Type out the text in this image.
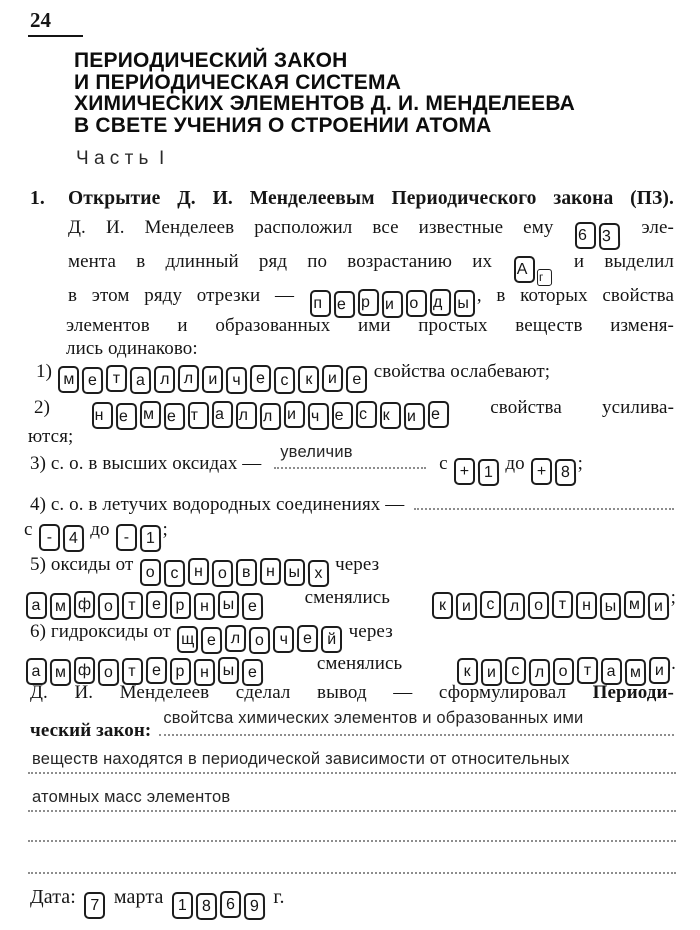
24
ПЕРИОДИЧЕСКИЙ ЗАКОН
И ПЕРИОДИЧЕСКАЯ СИСТЕМА
ХИМИЧЕСКИХ ЭЛЕМЕНТОВ Д. И. МЕНДЕЛЕЕВА
В СВЕТЕ УЧЕНИЯ О СТРОЕНИИ АТОМА
Ч а с т ь  I
1. Открытие Д. И. Менделеевым Периодического закона (ПЗ).
Д. И. Менделеев расположил все известные ему 6 3 эле-
мента в длинный ряд по возрастанию их А г и выделил
в этом ряду отрезки — п е р и о д ы , в которых свойства
элементов и образованных ими простых веществ изменя-
лись одинаково:
1) м е т а л л и ч е с к и е свойства ослабевают;
2)	н е м е т а л л и ч е с к и е	свойства усилива-
ются;
3) с. о. в высших оксидах —
увеличив
с + 1 до + 8 ;
4) с. о. в летучих водородных соединениях —
с - 4 до - 1 ;
5) оксиды от о с н о в н ы х через
а м ф о т е р н ы е	сменялись	к и с л о т н ы м и ;
6) гидроксиды от щ е л о ч е й через
а м ф о т е р н ы е	сменялись	к и с л о т а м и .
Д. И. Менделеев сделал вывод — сформулировал Периоди-
ческий закон:
свойтсва химических элементов и образованных ими
веществ находятся в периодической зависимости от относительных
атомных масс элементов
Дата: 7 марта 1 8 6 9 г.
